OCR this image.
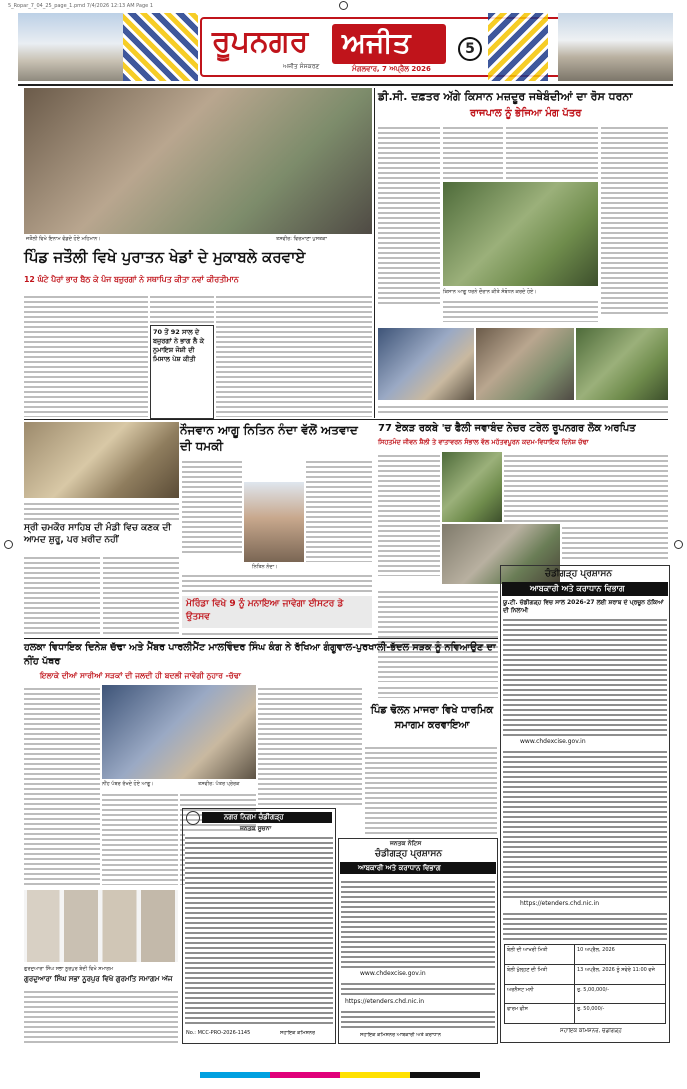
5_Ropar_7_04_25_page_1.pmd 7/4/2026 12:13 AM Page 1
ਰੂਪਨਗਰ ਅਜੀਤ
ਅਜੀਤ ਸੰਸਕਰਣ	ਮੰਗਲਵਾਰ, 7 ਅਪ੍ਰੈਲ 2026
5
ਜਤੌਲੀ ਵਿਖੇ ਇਨਾਮ ਵੰਡਦੇ ਹੋਏ ਮਹਿਮਾਨ।	ਤਸਵੀਰ: ਵਿਰਮਾਣਾ ਪੁਸਤਕਾ
ਪਿੰਡ ਜਤੌਲੀ ਵਿਖੇ ਪੁਰਾਤਨ ਖੇਡਾਂ ਦੇ ਮੁਕਾਬਲੇ ਕਰਵਾਏ
12 ਘੰਟੇ ਪੈਰਾਂ ਭਾਰ ਬੈਠ ਕੇ ਪੰਜ ਬਜ਼ੁਰਗਾਂ ਨੇ ਸਥਾਪਿਤ ਕੀਤਾ ਨਵਾਂ ਕੀਰਤੀਮਾਨ
70 ਤੋਂ 92 ਸਾਲ ਦੇ ਬਜ਼ੁਰਗਾਂ ਨੇ ਭਾਗ ਲੈ ਕੇ ਨੁਮਾਇਸ਼ ਜੋਸ਼ੀ ਦੀ ਮਿਸਾਲ ਪੇਸ਼ ਕੀਤੀ
ਡੀ.ਸੀ. ਦਫ਼ਤਰ ਅੱਗੇ ਕਿਸਾਨ ਮਜ਼ਦੂਰ ਜਥੇਬੰਦੀਆਂ ਦਾ ਰੋਸ ਧਰਨਾ
ਰਾਜਪਾਲ ਨੂੰ ਭੇਜਿਆ ਮੰਗ ਪੱਤਰ
ਕਿਸਾਨ ਆਗੂ ਧਰਨੇ ਦੌਰਾਨ ਕੀਤੇ ਸੰਬੋਧਨ ਕਰਦੇ ਹੋਏ।
ਨੌਜਵਾਨ ਆਗੂ ਨਿਤਿਨ ਨੰਦਾ ਵੱਲੋਂ ਅਤਵਾਦ ਦੀ ਧਮਕੀ
ਨਿਤਿਨ ਨੰਦਾ।
ਸ੍ਰੀ ਚਮਕੌਰ ਸਾਹਿਬ ਦੀ ਮੰਡੀ ਵਿਚ ਕਣਕ ਦੀ ਆਮਦ ਸ਼ੁਰੂ, ਪਰ ਖ਼ਰੀਦ ਨਹੀਂ
ਮੋਰਿੰਡਾ ਵਿਖੇ 9 ਨੂੰ ਮਨਾਇਆ ਜਾਵੇਗਾ ਈਸਟਰ ਡੇ ਉਤਸਵ
77 ਏਕੜ ਰਕਬੇ 'ਚ ਫੈਲੀ ਜਵਾਬੰਦ ਨੇਚਰ ਟਰੇਲ ਰੂਪਨਗਰ ਲੋਕ ਅਰਪਿਤ
ਸਿਹਤਮੰਦ ਜੀਵਨ ਸ਼ੈਲੀ ਤੇ ਵਾਤਾਵਰਨ ਸੰਭਾਲ ਵੱਲ ਮਹੱਤਵਪੂਰਨ ਕਦਮ-ਵਿਧਾਇਕ ਦਿਨੇਸ਼ ਚੱਢਾ
ਚੰਡੀਗੜ੍ਹ ਪ੍ਰਸ਼ਾਸਨ
ਆਬਕਾਰੀ ਅਤੇ ਕਰਾਧਾਨ ਵਿਭਾਗ
ਯੂ.ਟੀ. ਚੰਡੀਗੜ੍ਹ ਵਿਚ ਸਾਲ 2026-27 ਲਈ ਸ਼ਰਾਬ ਦੇ ਪ੍ਰਚੂਨ ਠੇਕਿਆਂ ਦੀ ਨਿਲਾਮੀ
www.chdexcise.gov.in
https://etenders.chd.nic.in
ਬੋਲੀ ਦੀ ਆਖਰੀ ਮਿਤੀ	10 ਅਪ੍ਰੈਲ, 2026
ਬੋਲੀ ਖੁੱਲ੍ਹਣ ਦੀ ਮਿਤੀ	13 ਅਪ੍ਰੈਲ, 2026 ਨੂੰ ਸਵੇਰੇ 11:00 ਵਜੇ
ਅਰਨੈਸਟ ਮਨੀ	ਰੁ. 5,00,000/-
ਫਾਰਮ ਫੀਸ	ਰੁ. 50,000/-
ਸਹਾਇਕ ਕਮਿਸ਼ਨਰ, ਚੰਡੀਗੜ੍ਹ
ਹਲਕਾ ਵਿਧਾਇਕ ਦਿਨੇਸ਼ ਚੱਢਾ ਅਤੇ ਮੈਂਬਰ ਪਾਰਲੀਮੈਂਟ ਮਾਲਵਿੰਦਰ ਸਿੰਘ ਕੰਗ ਨੇ ਰੱਖਿਆ ਗੰਗੂਵਾਲ-ਪੁਰਖਾਲੀ-ਭੱਦਲ ਸੜਕ ਨੂੰ ਨਵਿਆਉਣ ਦਾ ਨੀਂਹ ਪੱਥਰ
ਇਲਾਕੇ ਦੀਆਂ ਸਾਰੀਆਂ ਸੜਕਾਂ ਦੀ ਜਲਦੀ ਹੀ ਬਦਲੀ ਜਾਵੇਗੀ ਨੁਹਾਰ -ਚੱਢਾ
ਨੀਂਹ ਪੱਥਰ ਰੱਖਦੇ ਹੋਏ ਆਗੂ।	ਤਸਵੀਰ: ਪੱਤਰ ਪ੍ਰੇਰਕ
ਪਿੰਡ ਢੋਲਨ ਮਾਜਰਾ ਵਿਖੇ ਧਾਰਮਿਕ ਸਮਾਗਮ ਕਰਵਾਇਆ
ਜਨਤਕ ਨੋਟਿਸ
ਚੰਡੀਗੜ੍ਹ ਪ੍ਰਸ਼ਾਸਨ
ਆਬਕਾਰੀ ਅਤੇ ਕਰਾਧਾਨ ਵਿਭਾਗ
www.chdexcise.gov.in
https://etenders.chd.nic.in
ਸਹਾਇਕ ਕਮਿਸ਼ਨਰ ਆਬਕਾਰੀ ਅਤੇ ਕਰਾਧਾਨ
ਨਗਰ ਨਿਗਮ ਚੰਡੀਗੜ੍ਹ
ਜਨਤਕ ਸੂਚਨਾ
No.: MCC-PRO-2026-1145	ਸਹਾਇਕ ਕਮਿਸ਼ਨਰ
ਗੁਰਦੁਆਰਾ ਸਿੰਘ ਸਭਾ ਨੂਰਪੁਰ ਬੇਦੀ ਵਿਖੇ ਸਮਾਗਮ
ਗੁਰਦੁਆਰਾ ਸਿੰਘ ਸਭਾ ਨੂਰਪੁਰ ਵਿਖੇ ਗੁਰਮਤਿ ਸਮਾਗਮ ਅੱਜ
